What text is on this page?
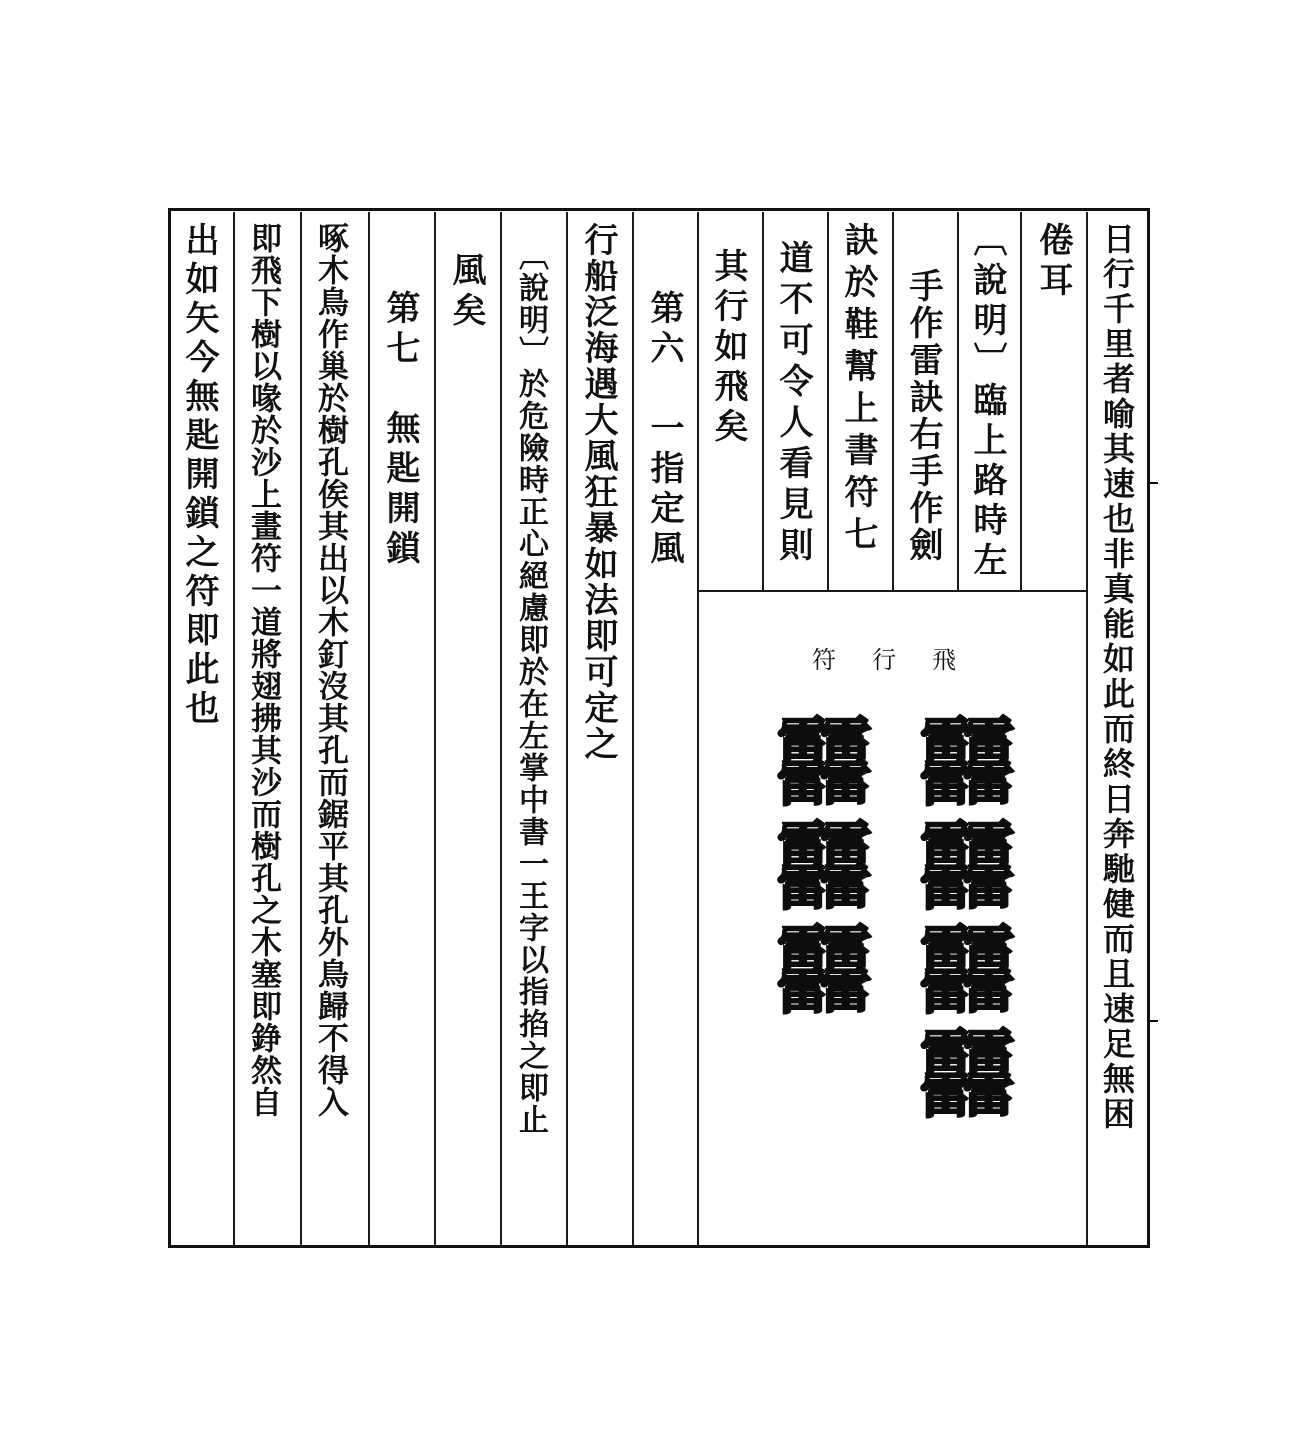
日行千里者喻其速也非真能如此而終日奔馳健而且速足無困
倦耳
〔說明〕臨上路時左
手作雷訣右手作劍
訣於鞋幫上書符七
道不可令人看見則
其行如飛矣
第六　一指定風
行船泛海遇大風狂暴如法即可定之
〔說明〕於危險時正心絕慮即於在左掌中書一王字以指掐之即止
風矣
第七　無匙開鎖
啄木鳥作巢於樹孔俟其出以木釘沒其孔而鋸平其孔外鳥歸不得入
即飛下樹以喙於沙上畫符一道將翅拂其沙而樹孔之木塞即錚然自
出如矢今無匙開鎖之符即此也	飛行符
䨻䨻䨻䨻
䨻䨻䨻
